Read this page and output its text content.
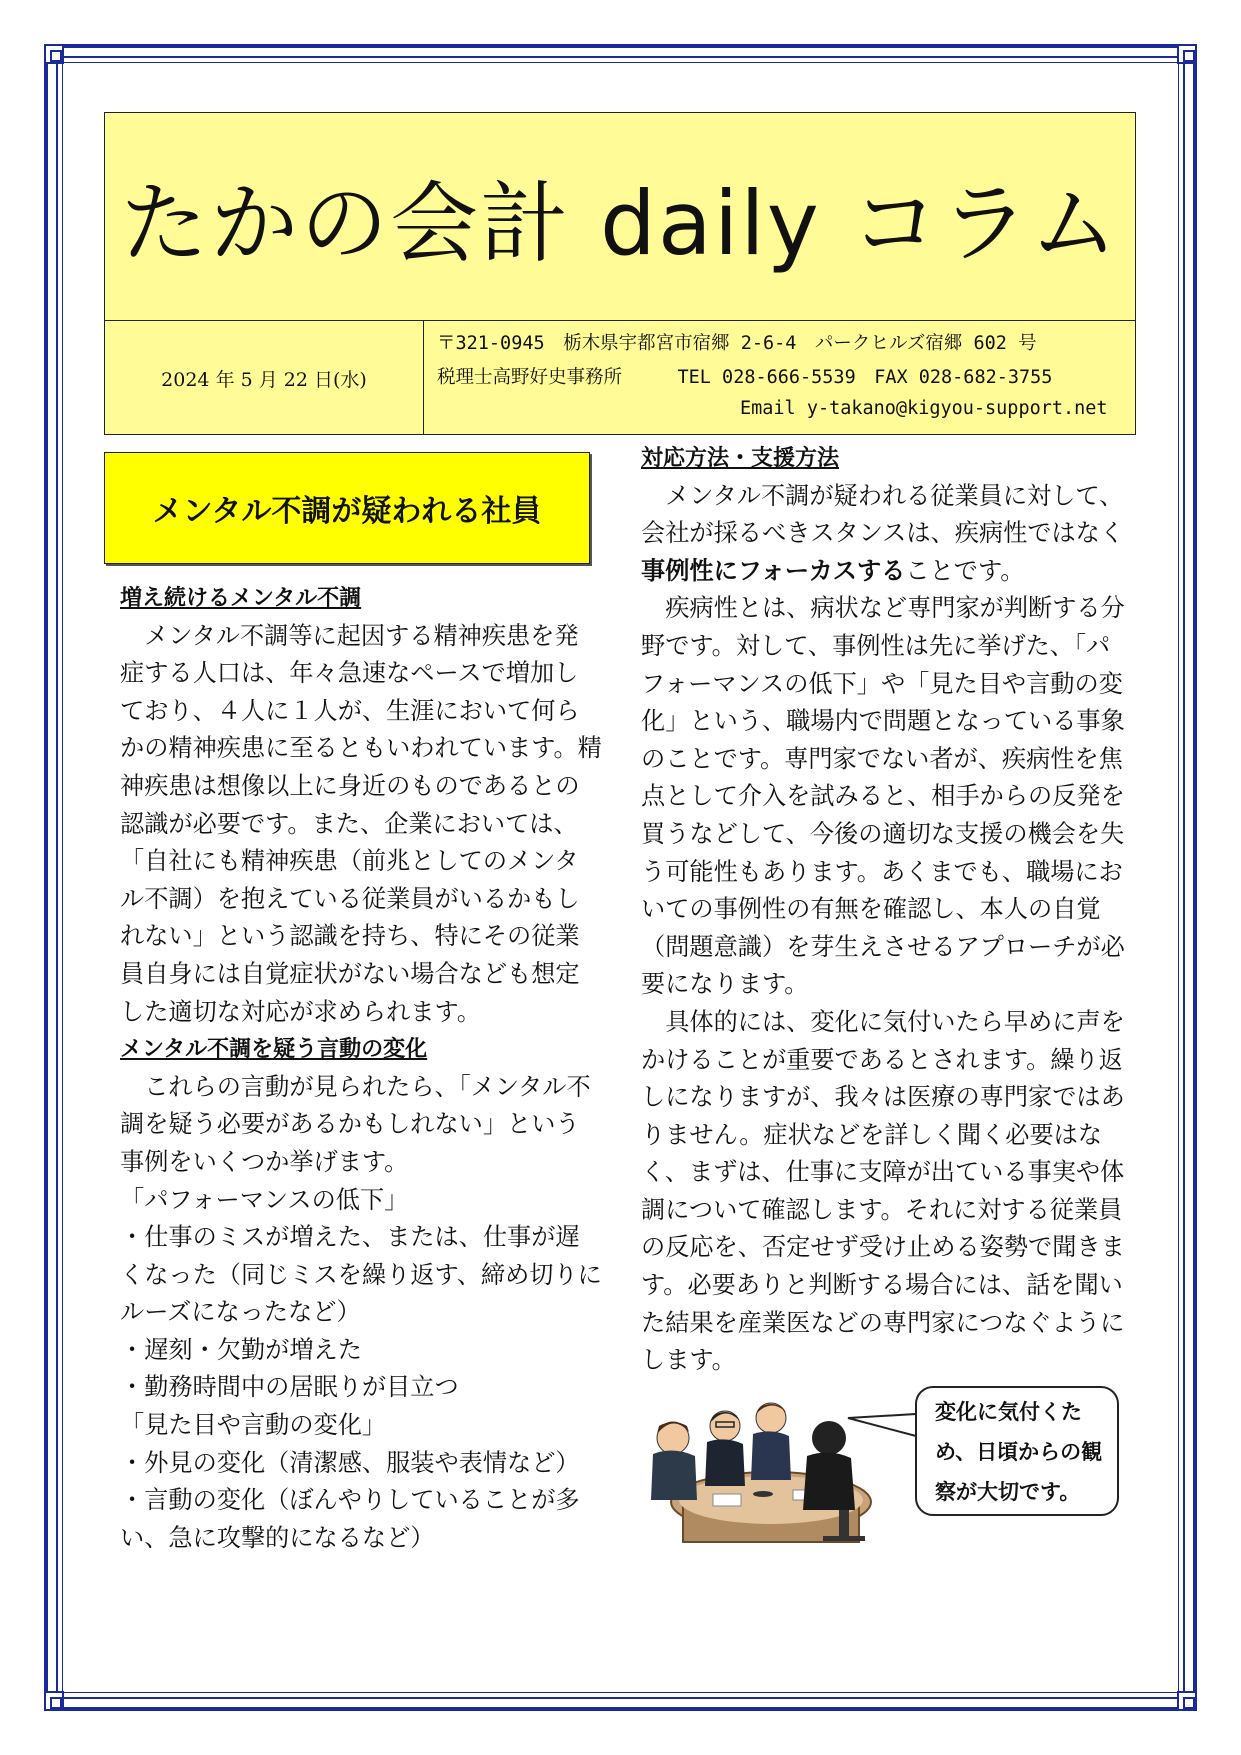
たかの会計 daily コラム
2024 年 5 月 22 日(水)
〒321-0945　栃木県宇都宮市宿郷 2-6-4　パークヒルズ宿郷 602 号
税理士高野好史事務所　　　TEL 028-666-5539　FAX 028-682-3755
Email y-takano@kigyou-support.net
メンタル不調が疑われる社員

増え続けるメンタル不調

メンタル不調等に起因する精神疾患を発症する人口は、年々急速なペースで増加しており、４人に１人が、生涯において何らかの精神疾患に至るともいわれています。精神疾患は想像以上に身近のものであるとの認識が必要です。また、企業においては、「自社にも精神疾患（前兆としてのメンタル不調）を抱えている従業員がいるかもしれない」という認識を持ち、特にその従業員自身には自覚症状がない場合なども想定した適切な対応が求められます。

メンタル不調を疑う言動の変化

これらの言動が見られたら、「メンタル不調を疑う必要があるかもしれない」という事例をいくつか挙げます。

「パフォーマンスの低下」

・仕事のミスが増えた、または、仕事が遅くなった（同じミスを繰り返す、締め切りにルーズになったなど）

・遅刻・欠勤が増えた

・勤務時間中の居眠りが目立つ

「見た目や言動の変化」

・外見の変化（清潔感、服装や表情など）

・言動の変化（ぼんやりしていることが多い、急に攻撃的になるなど）

対応方法・支援方法

メンタル不調が疑われる従業員に対して、会社が採るべきスタンスは、疾病性ではなく事例性にフォーカスすることです。

疾病性とは、病状など専門家が判断する分野です。対して、事例性は先に挙げた、「パフォーマンスの低下」や「見た目や言動の変化」という、職場内で問題となっている事象のことです。専門家でない者が、疾病性を焦点として介入を試みると、相手からの反発を買うなどして、今後の適切な支援の機会を失う可能性もあります。あくまでも、職場においての事例性の有無を確認し、本人の自覚（問題意識）を芽生えさせるアプローチが必要になります。

具体的には、変化に気付いたら早めに声をかけることが重要であるとされます。繰り返しになりますが、我々は医療の専門家ではありません。症状などを詳しく聞く必要はなく、まずは、仕事に支障が出ている事実や体調について確認します。それに対する従業員の反応を、否定せず受け止める姿勢で聞きます。必要ありと判断する場合には、話を聞いた結果を産業医などの専門家につなぐようにします。

変化に気付くた
め、日頃からの観
察が大切です。
